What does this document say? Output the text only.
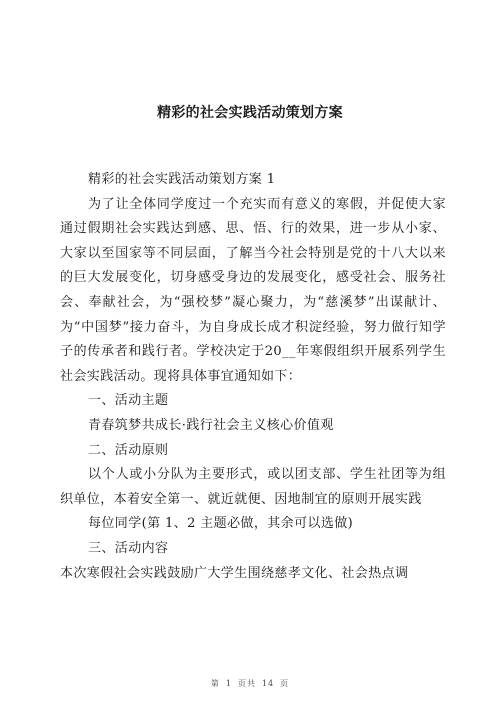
精彩的社会实践活动策划方案

精彩的社会实践活动策划方案 1

为了让全体同学度过一个充实而有意义的寒假，并促使大家通过假期社会实践达到感、思、悟、行的效果，进一步从小家、大家以至国家等不同层面，了解当今社会特别是党的十八大以来的巨大发展变化，切身感受身边的发展变化，感受社会、服务社会、奉献社会，为“强校梦”凝心聚力，为“慈溪梦”出谋献计、为“中国梦”接力奋斗，为自身成长成才积淀经验，努力做行知学子的传承者和践行者。学校决定于20__年寒假组织开展系列学生社会实践活动。现将具体事宜通知如下：

一、活动主题

青春筑梦共成长·践行社会主义核心价值观

二、活动原则

以个人或小分队为主要形式，或以团支部、学生社团等为组织单位，本着安全第一、就近就便、因地制宜的原则开展实践

每位同学(第 1、2 主题必做，其余可以选做)

三、活动内容

本次寒假社会实践鼓励广大学生围绕慈孝文化、社会热点调

第 1 页共 14 页
